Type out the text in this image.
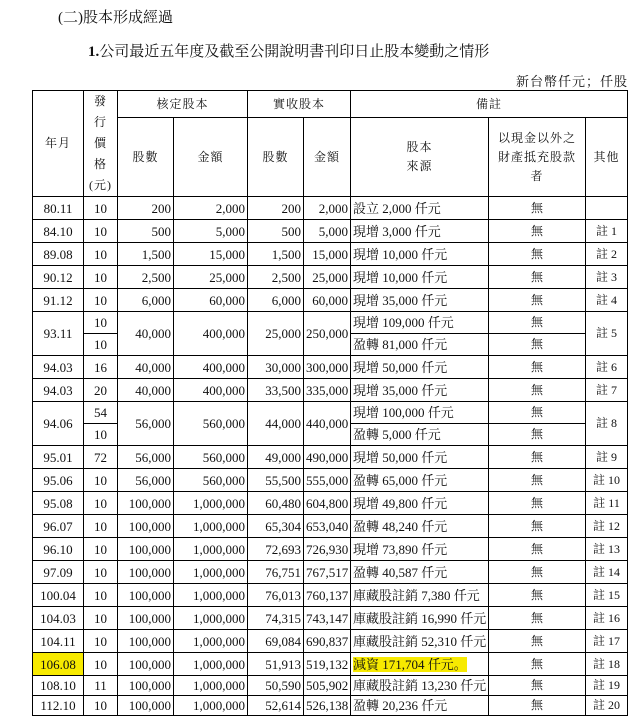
(二)股本形成經過
1.公司最近五年度及截至公開說明書刊印日止股本變動之情形
新台幣仟元；仟股
年月	發行價格(元)	核定股本		實收股本		備註		
		股數	金額	股數	金額	股本來源	以現金以外之財產抵充股款者	其他
80.11	10	200	2,000	200	2,000	設立 2,000 仟元	無	
84.10	10	500	5,000	500	5,000	現增 3,000 仟元	無	註 1
89.08	10	1,500	15,000	1,500	15,000	現增 10,000 仟元	無	註 2
90.12	10	2,500	25,000	2,500	25,000	現增 10,000 仟元	無	註 3
91.12	10	6,000	60,000	6,000	60,000	現增 35,000 仟元	無	註 4
93.11	10	40,000	400,000	25,000	250,000	現增 109,000 仟元	無	註 5
	10					盈轉 81,000 仟元	無	
94.03	16	40,000	400,000	30,000	300,000	現增 50,000 仟元	無	註 6
94.03	20	40,000	400,000	33,500	335,000	現增 35,000 仟元	無	註 7
94.06	54	56,000	560,000	44,000	440,000	現增 100,000 仟元	無	註 8
	10					盈轉 5,000 仟元	無	
95.01	72	56,000	560,000	49,000	490,000	現增 50,000 仟元	無	註 9
95.06	10	56,000	560,000	55,500	555,000	盈轉 65,000 仟元	無	註 10
95.08	10	100,000	1,000,000	60,480	604,800	現增 49,800 仟元	無	註 11
96.07	10	100,000	1,000,000	65,304	653,040	盈轉 48,240 仟元	無	註 12
96.10	10	100,000	1,000,000	72,693	726,930	現增 73,890 仟元	無	註 13
97.09	10	100,000	1,000,000	76,751	767,517	盈轉 40,587 仟元	無	註 14
100.04	10	100,000	1,000,000	76,013	760,137	庫藏股註銷 7,380 仟元	無	註 15
104.03	10	100,000	1,000,000	74,315	743,147	庫藏股註銷 16,990 仟元	無	註 16
104.11	10	100,000	1,000,000	69,084	690,837	庫藏股註銷 52,310 仟元	無	註 17
106.08	10	100,000	1,000,000	51,913	519,132	減資 171,704 仟元。	無	註 18
108.10	11	100,000	1,000,000	50,590	505,902	庫藏股註銷 13,230 仟元	無	註 19
112.10	10	100,000	1,000,000	52,614	526,138	盈轉 20,236 仟元	無	註 20
